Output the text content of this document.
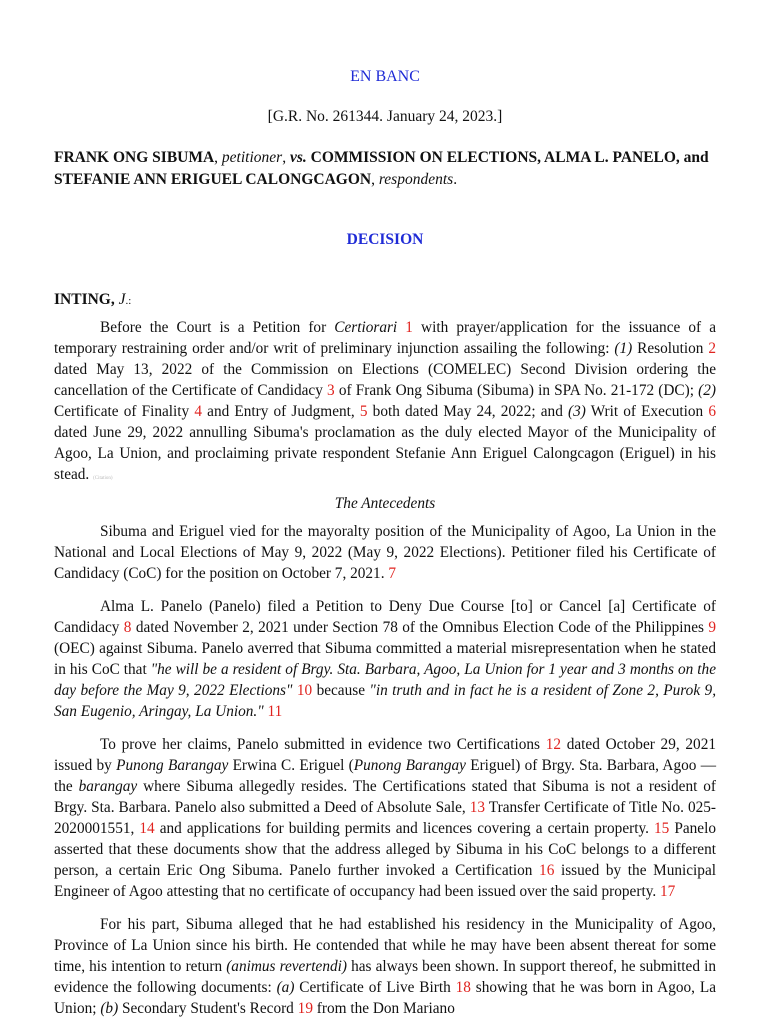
EN BANC
[G.R. No. 261344. January 24, 2023.]
FRANK ONG SIBUMA, petitioner, vs. COMMISSION ON ELECTIONS, ALMA L. PANELO, and STEFANIE ANN ERIGUEL CALONGCAGON, respondents.
DECISION
INTING, J.:

Before the Court is a Petition for Certiorari 1 with prayer/application for the issuance of a temporary restraining order and/or writ of preliminary injunction assailing the following: (1) Resolution 2 dated May 13, 2022 of the Commission on Elections (COMELEC) Second Division ordering the cancellation of the Certificate of Candidacy 3 of Frank Ong Sibuma (Sibuma) in SPA No. 21-172 (DC); (2) Certificate of Finality 4 and Entry of Judgment, 5 both dated May 24, 2022; and (3) Writ of Execution 6 dated June 29, 2022 annulling Sibuma's proclamation as the duly elected Mayor of the Municipality of Agoo, La Union, and proclaiming private respondent Stefanie Ann Eriguel Calongcagon (Eriguel) in his stead. (Citation)

The Antecedents

Sibuma and Eriguel vied for the mayoralty position of the Municipality of Agoo, La Union in the National and Local Elections of May 9, 2022 (May 9, 2022 Elections). Petitioner filed his Certificate of Candidacy (CoC) for the position on October 7, 2021. 7

Alma L. Panelo (Panelo) filed a Petition to Deny Due Course [to] or Cancel [a] Certificate of Candidacy 8 dated November 2, 2021 under Section 78 of the Omnibus Election Code of the Philippines 9 (OEC) against Sibuma. Panelo averred that Sibuma committed a material misrepresentation when he stated in his CoC that "he will be a resident of Brgy. Sta. Barbara, Agoo, La Union for 1 year and 3 months on the day before the May 9, 2022 Elections" 10 because "in truth and in fact he is a resident of Zone 2, Purok 9, San Eugenio, Aringay, La Union." 11

To prove her claims, Panelo submitted in evidence two Certifications 12 dated October 29, 2021 issued by Punong Barangay Erwina C. Eriguel (Punong Barangay Eriguel) of Brgy. Sta. Barbara, Agoo — the barangay where Sibuma allegedly resides. The Certifications stated that Sibuma is not a resident of Brgy. Sta. Barbara. Panelo also submitted a Deed of Absolute Sale, 13 Transfer Certificate of Title No. 025-2020001551, 14 and applications for building permits and licences covering a certain property. 15 Panelo asserted that these documents show that the address alleged by Sibuma in his CoC belongs to a different person, a certain Eric Ong Sibuma. Panelo further invoked a Certification 16 issued by the Municipal Engineer of Agoo attesting that no certificate of occupancy had been issued over the said property. 17

For his part, Sibuma alleged that he had established his residency in the Municipality of Agoo, Province of La Union since his birth. He contended that while he may have been absent thereat for some time, his intention to return (animus revertendi) has always been shown. In support thereof, he submitted in evidence the following documents: (a) Certificate of Live Birth 18 showing that he was born in Agoo, La Union; (b) Secondary Student's Record 19 from the Don Mariano
